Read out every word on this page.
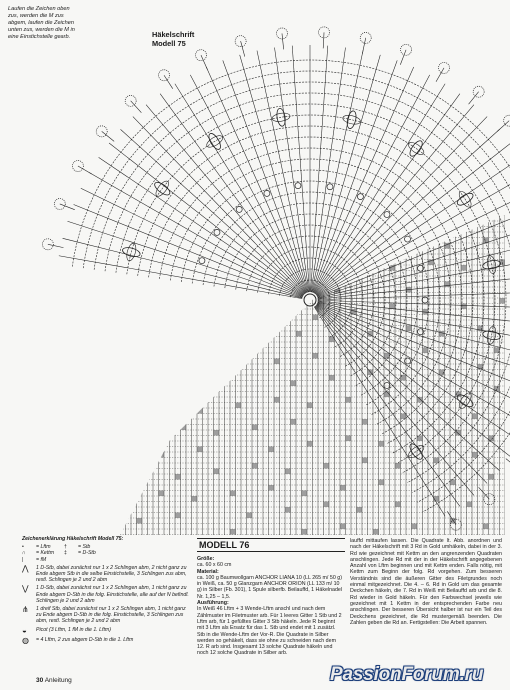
Laufen die Zeichen oben zus, werden die M zus abgem, laufen die Zeichen unten zus, werden die M in eine Einstichstelle gearb.	Häkelschrift
Modell 75
Zeichenerklärung Häkelschrift Modell 75:
• = Lftm
∩ = Kettm
| = fM
† = Stb
‡ = D-Stb
⋀	1 D-Stb, dabei zunächst nur 1 x 2 Schlingen abm, 2 nicht ganz zu Ende abgem Stb in die selbe Einstichstelle, 3 Schlingen zus abm, restl. Schlingen je 2 und 2 abm
⋁	1 D-Stb, dabei zunächst nur 1 x 2 Schlingen abm, 1 nicht ganz zu Ende abgem D-Stb in die folg. Einstichstelle, alle auf der N befindl. Schlingen je 2 und 2 abm
⋔	1 dreif Stb, dabei zunächst nur 1 x 2 Schlingen abm, 1 nicht ganz zu Ende abgem D-Stb in die folg. Einstichstelle, 3 Schlingen zus abm, restl. Schlingen je 2 und 2 abm
◒	Picot (3 Lftm, 1 fM in die 1. Lftm)
◍	= 4 Lftm, 2 zus abgem D-Stb in die 1. Lftm
MODELL 76
Größe:
ca. 60 x 60 cm
Material:
ca. 100 g Baumwollgarn ANCHOR LIANA 10 (LL 265 m/ 50 g) in Weiß, ca. 50 g Glanzgarn ANCHOR ORION (LL 133 m/ 10 g) in Silber (Fb. 301), 1 Spule silberfb. Beilauffd, 1 Häkelnadel Nr. 1,25 – 1,5.
Ausführung:
In Weiß 46 Lftm + 3 Wende-Lftm anschl und nach dem Zählmuster im Filetmuster arb. Für 1 leeres Gitter 1 Stb und 2 Lftm arb, für 1 gefülltes Gitter 3 Stb häkeln. Jede R beginnt mit 3 Lftm als Ersatz für das 1. Stb und endet mit 1 zusätzl. Stb in die Wende-Lftm der Vor-R. Die Quadrate in Silber werden so gehäkelt, dass sie ohne zu schneiden nach dem 12. R arb sind. Insgesamt 13 solche Quadrate häkeln und noch 12 solche Quadrate in Silber arb.
lauffd mittaufen lassen. Die Quadrate lt. Abb. anordnen und nach der Häkelschrift mit 3 Rd in Gold umhäkeln, dabei in der 3. Rd wie gezeichnet mit Kettm an den angrenzenden Quadraten anschlingen. Jede Rd mit der in der Häkelschrift angegebenen Anzahl von Lftm beginnen und mit Kettm enden. Falls nötig, mit Kettm zum Beginn der folg. Rd vorgehen. Zum besseren Verständnis sind die äußeren Gitter des Filetgrundes noch einmal mitgezeichnet. Die 4. – 6. Rd in Gold um das gesamte Deckchen häkeln, die 7. Rd in Weiß mit Beilauffd arb und die 8. Rd wieder in Gold häkeln. Für den Farbwechsel jeweils wie gezeichnet mit 1 Kettm in der entsprechenden Farbe neu anschlingen. Der besseren Übersicht halber ist nur ein Teil des Deckchens gezeichnet, die Rd mustergemäß beenden. Die Zahlen geben die Rd an. Fertigstellen: Die Arbeit spannen.
30 Anleitung	PassionForum.ru
